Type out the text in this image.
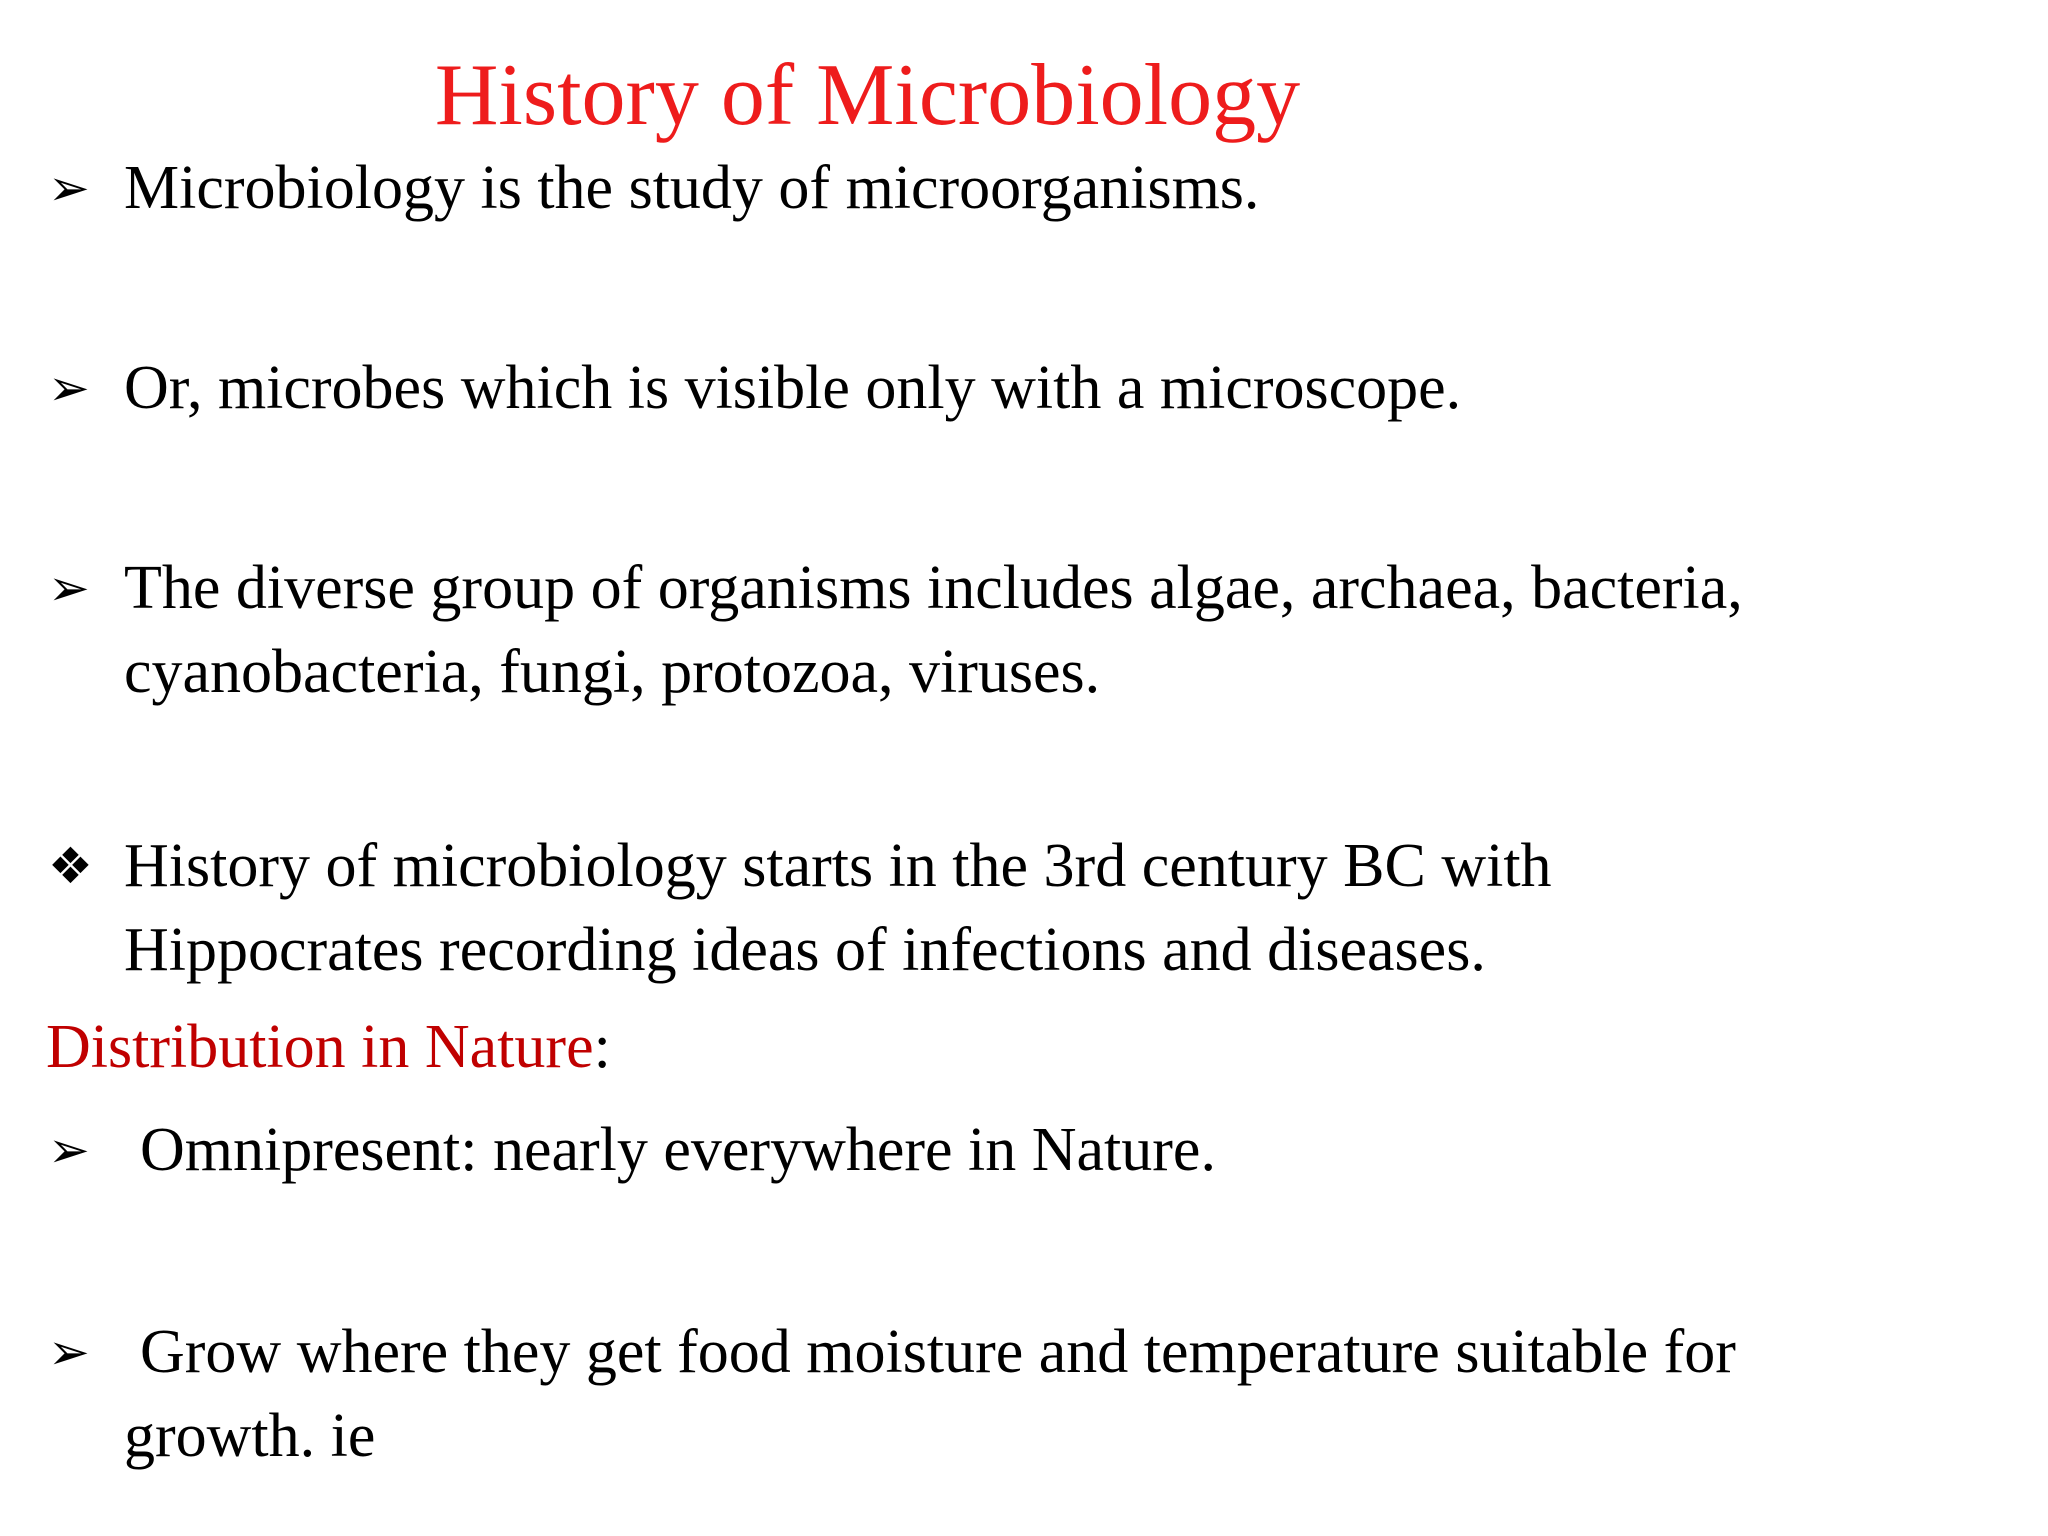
History of Microbiology
➢ Microbiology is the study of microorganisms.
➢ Or, microbes which is visible only with a microscope.
➢ The diverse group of organisms includes algae, archaea, bacteria,
cyanobacteria, fungi, protozoa, viruses.
❖ History of microbiology starts in the 3rd century BC with
Hippocrates recording ideas of infections and diseases.
Distribution in Nature:
➢ Omnipresent: nearly everywhere in Nature.
➢ Grow where they get food moisture and temperature suitable for
growth. ie
